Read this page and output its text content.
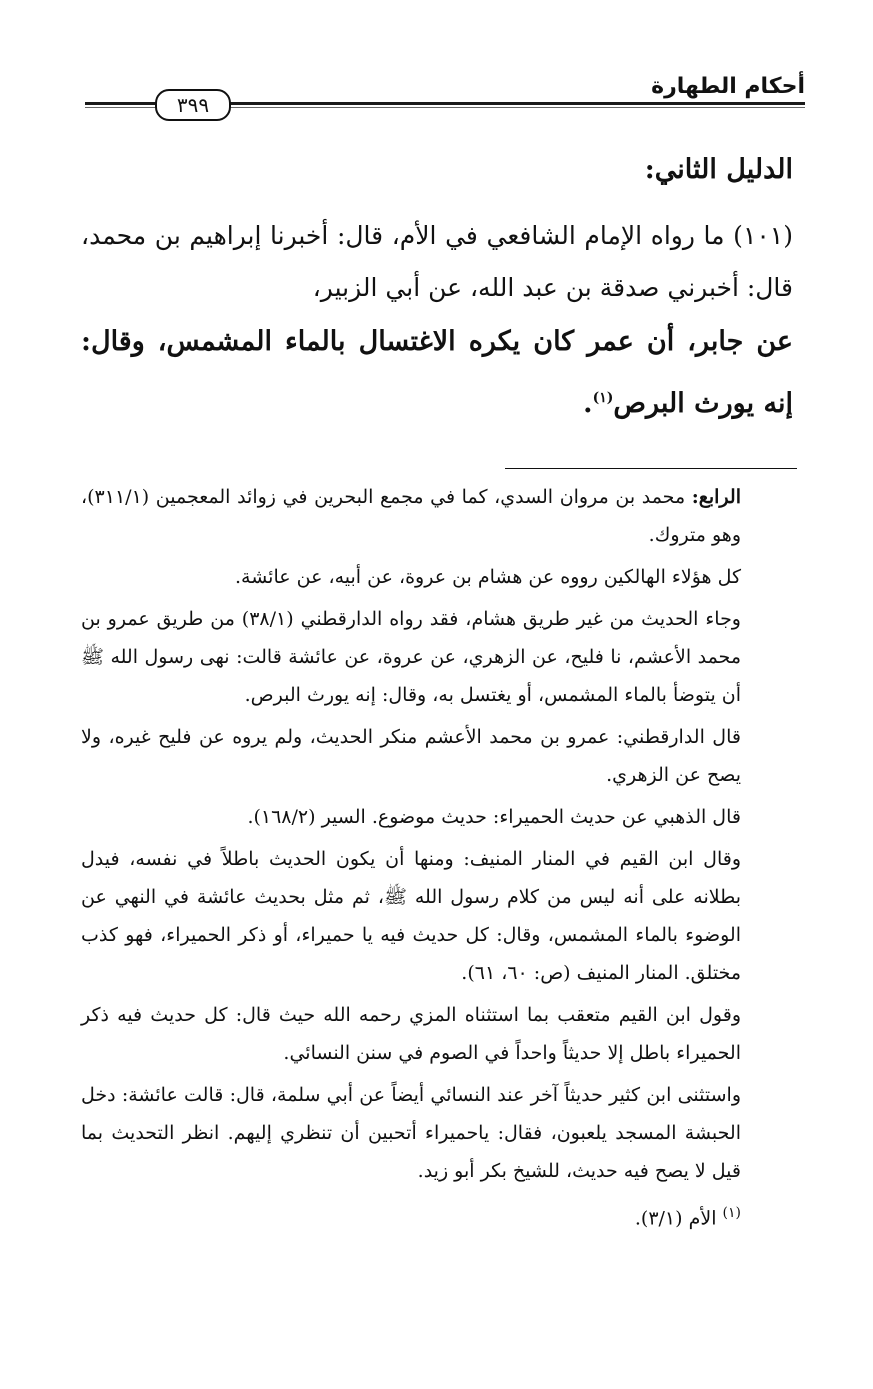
أحكام الطهارة
٣٩٩
الدليل الثاني:

(١٠١) ما رواه الإمام الشافعي في الأم، قال: أخبرنا إبراهيم بن محمد، قال: أخبرني صدقة بن عبد الله، عن أبي الزبير،

عن جابر، أن عمر كان يكره الاغتسال بالماء المشمس، وقال: إنه يورث البرص$^{(١)}$.

الرابع: محمد بن مروان السدي، كما في مجمع البحرين في زوائد المعجمين (٣١١/١)، وهو متروك.

كل هؤلاء الهالكين رووه عن هشام بن عروة، عن أبيه، عن عائشة.

وجاء الحديث من غير طريق هشام، فقد رواه الدارقطني (٣٨/١) من طريق عمرو بن محمد الأعشم، نا فليح، عن الزهري، عن عروة، عن عائشة قالت: نهى رسول الله ﷺ أن يتوضأ بالماء المشمس، أو يغتسل به، وقال: إنه يورث البرص.

قال الدارقطني: عمرو بن محمد الأعشم منكر الحديث، ولم يروه عن فليح غيره، ولا يصح عن الزهري.

قال الذهبي عن حديث الحميراء: حديث موضوع. السير (١٦٨/٢).

وقال ابن القيم في المنار المنيف: ومنها أن يكون الحديث باطلاً في نفسه، فيدل بطلانه على أنه ليس من كلام رسول الله ﷺ، ثم مثل بحديث عائشة في النهي عن الوضوء بالماء المشمس، وقال: كل حديث فيه يا حميراء، أو ذكر الحميراء، فهو كذب مختلق. المنار المنيف (ص: ٦٠، ٦١).

وقول ابن القيم متعقب بما استثناه المزي رحمه الله حيث قال: كل حديث فيه ذكر الحميراء باطل إلا حديثاً واحداً في الصوم في سنن النسائي.

واستثنى ابن كثير حديثاً آخر عند النسائي أيضاً عن أبي سلمة، قال: قالت عائشة: دخل الحبشة المسجد يلعبون، فقال: ياحميراء أتحبين أن تنظري إليهم. انظر التحديث بما قيل لا يصح فيه حديث، للشيخ بكر أبو زيد.

$^{(١)}$ الأم (٣/١).
